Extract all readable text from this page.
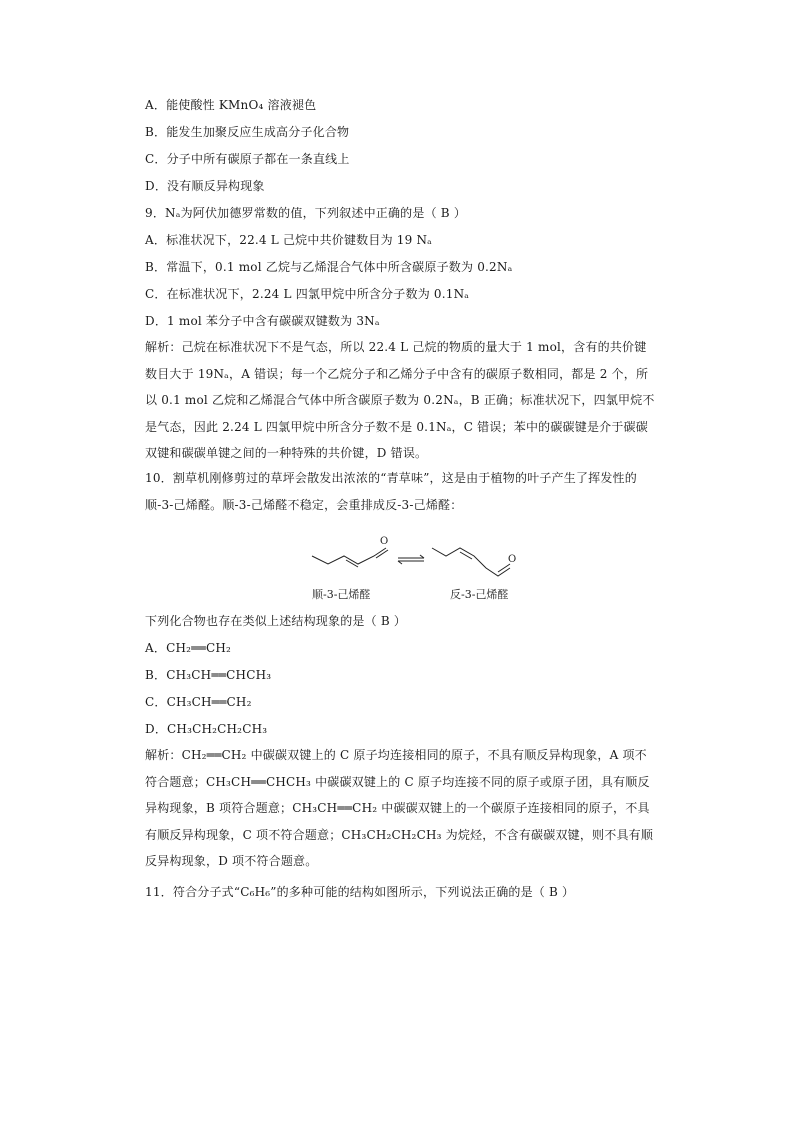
A．能使酸性 KMnO₄ 溶液褪色
B．能发生加聚反应生成高分子化合物
C．分子中所有碳原子都在一条直线上
D．没有顺反异构现象
9．Nₐ为阿伏加德罗常数的值，下列叙述中正确的是（ B ）
A．标准状况下，22.4 L 己烷中共价键数目为 19 Nₐ
B．常温下，0.1 mol 乙烷与乙烯混合气体中所含碳原子数为 0.2Nₐ
C．在标准状况下，2.24 L 四氯甲烷中所含分子数为 0.1Nₐ
D．1 mol 苯分子中含有碳碳双键数为 3Nₐ
解析：己烷在标准状况下不是气态，所以 22.4 L 己烷的物质的量大于 1 mol，含有的共价键数目大于 19Nₐ，A 错误；每一个乙烷分子和乙烯分子中含有的碳原子数相同，都是 2 个，所以 0.1 mol 乙烷和乙烯混合气体中所含碳原子数为 0.2Nₐ，B 正确；标准状况下，四氯甲烷不是气态，因此 2.24 L 四氯甲烷中所含分子数不是 0.1Nₐ，C 错误；苯中的碳碳键是介于碳碳双键和碳碳单键之间的一种特殊的共价键，D 错误。
10．割草机刚修剪过的草坪会散发出浓浓的“青草味”，这是由于植物的叶子产生了挥发性的顺-3-己烯醛。顺-3-己烯醛不稳定，会重排成反-3-己烯醛：
O
O
顺-3-己烯醛	反-3-己烯醛
下列化合物也存在类似上述结构现象的是（ B ）
A．CH₂══CH₂
B．CH₃CH══CHCH₃
C．CH₃CH══CH₂
D．CH₃CH₂CH₂CH₃
解析：CH₂══CH₂ 中碳碳双键上的 C 原子均连接相同的原子，不具有顺反异构现象，A 项不符合题意；CH₃CH══CHCH₃ 中碳碳双键上的 C 原子均连接不同的原子或原子团，具有顺反异构现象，B 项符合题意；CH₃CH══CH₂ 中碳碳双键上的一个碳原子连接相同的原子，不具有顺反异构现象，C 项不符合题意；CH₃CH₂CH₂CH₃ 为烷烃，不含有碳碳双键，则不具有顺反异构现象，D 项不符合题意。
11．符合分子式“C₆H₆”的多种可能的结构如图所示，下列说法正确的是（ B ）
